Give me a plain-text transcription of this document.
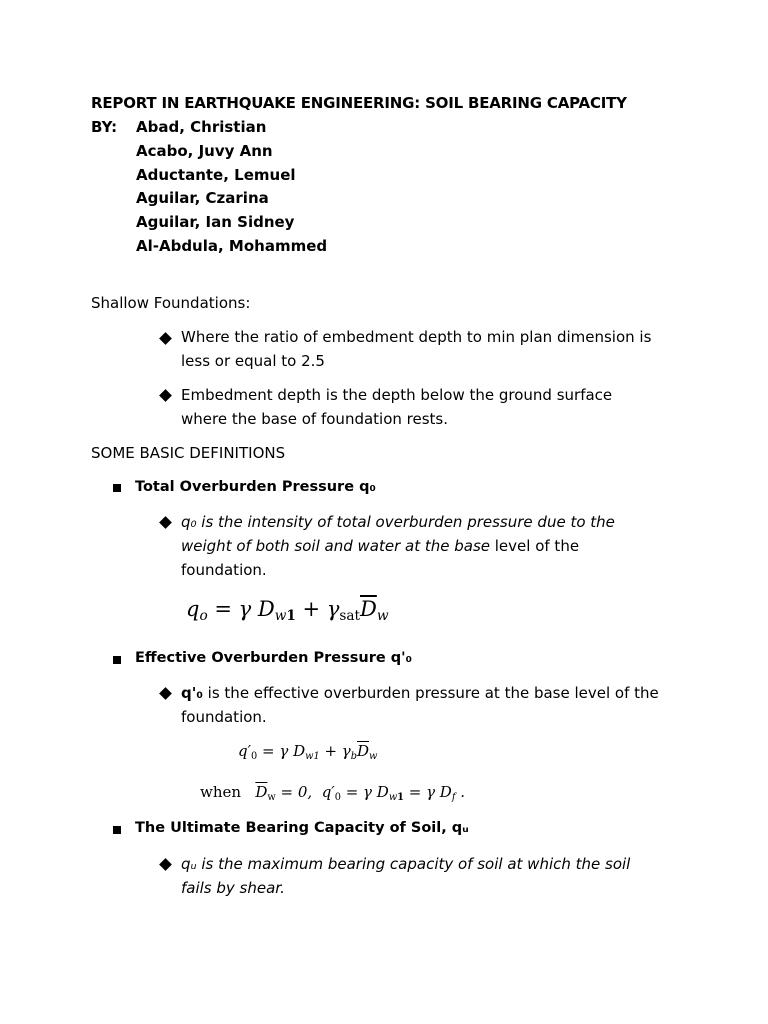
REPORT IN EARTHQUAKE ENGINEERING: SOIL BEARING CAPACITY
BY: Abad, Christian
Acabo, Juvy Ann
Aductante, Lemuel
Aguilar, Czarina
Aguilar, Ian Sidney
Al-Abdula, Mohammed
Shallow Foundations:
Where the ratio of embedment depth to min plan dimension is less or equal to 2.5
Embedment depth is the depth below the ground surface where the base of foundation rests.
SOME BASIC DEFINITIONS
Total Overburden Pressure q₀
q₀ is the intensity of total overburden pressure due to the weight of both soil and water at the base level of the foundation.
$q_o = \gamma$ $D_{w1} + \gamma_{sat}\overline{D}_w$
Effective Overburden Pressure q'₀
q'₀ is the effective overburden pressure at the base level of the foundation.
$q'_0 = \gamma$ $D_{w1} + \gamma_b\overline{D}_w$
when $\overline{D}_w = 0$,  $q'_0 = \gamma$ $D_{w1} = \gamma$ $D_f$ .
The Ultimate Bearing Capacity of Soil, qᵤ
qᵤ is the maximum bearing capacity of soil at which the soil fails by shear.
